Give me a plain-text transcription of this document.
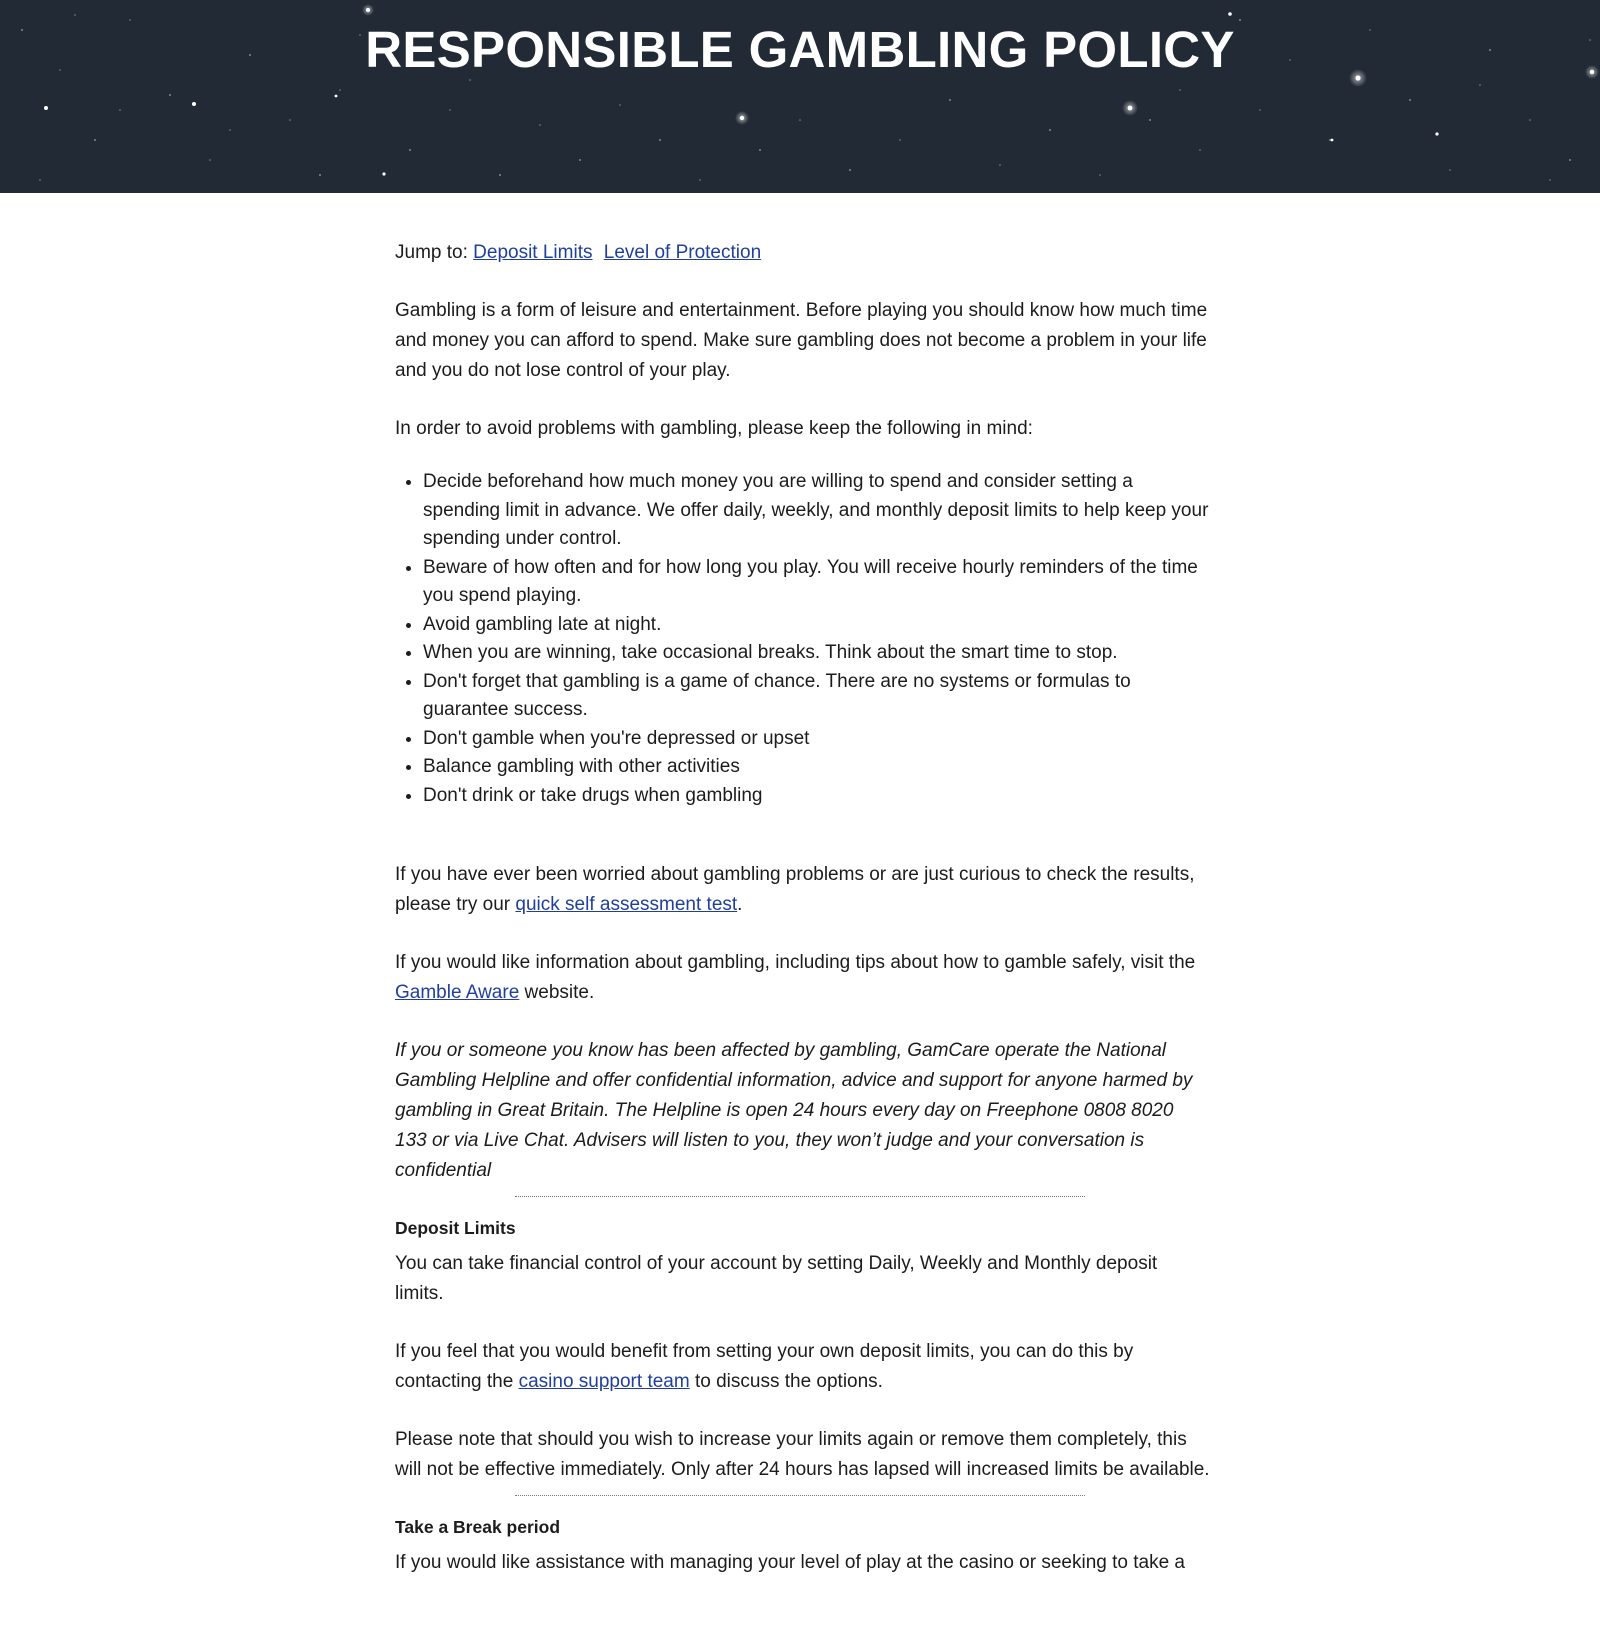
RESPONSIBLE GAMBLING POLICY

Jump to: Deposit Limits Level of Protection

Gambling is a form of leisure and entertainment. Before playing you should know how much time and money you can afford to spend. Make sure gambling does not become a problem in your life and you do not lose control of your play.

In order to avoid problems with gambling, please keep the following in mind:

• Decide beforehand how much money you are willing to spend and consider setting a spending limit in advance. We offer daily, weekly, and monthly deposit limits to help keep your spending under control.
• Beware of how often and for how long you play. You will receive hourly reminders of the time you spend playing.
• Avoid gambling late at night.
• When you are winning, take occasional breaks. Think about the smart time to stop.
• Don't forget that gambling is a game of chance. There are no systems or formulas to guarantee success.
• Don't gamble when you're depressed or upset
• Balance gambling with other activities
• Don't drink or take drugs when gambling

If you have ever been worried about gambling problems or are just curious to check the results, please try our quick self assessment test.

If you would like information about gambling, including tips about how to gamble safely, visit the Gamble Aware website.

If you or someone you know has been affected by gambling, GamCare operate the National Gambling Helpline and offer confidential information, advice and support for anyone harmed by gambling in Great Britain. The Helpline is open 24 hours every day on Freephone 0808 8020 133 or via Live Chat. Advisers will listen to you, they won’t judge and your conversation is confidential

Deposit Limits

You can take financial control of your account by setting Daily, Weekly and Monthly deposit limits.

If you feel that you would benefit from setting your own deposit limits, you can do this by contacting the casino support team to discuss the options.

Please note that should you wish to increase your limits again or remove them completely, this will not be effective immediately. Only after 24 hours has lapsed will increased limits be available.

Take a Break period

If you would like assistance with managing your level of play at the casino or seeking to take a
